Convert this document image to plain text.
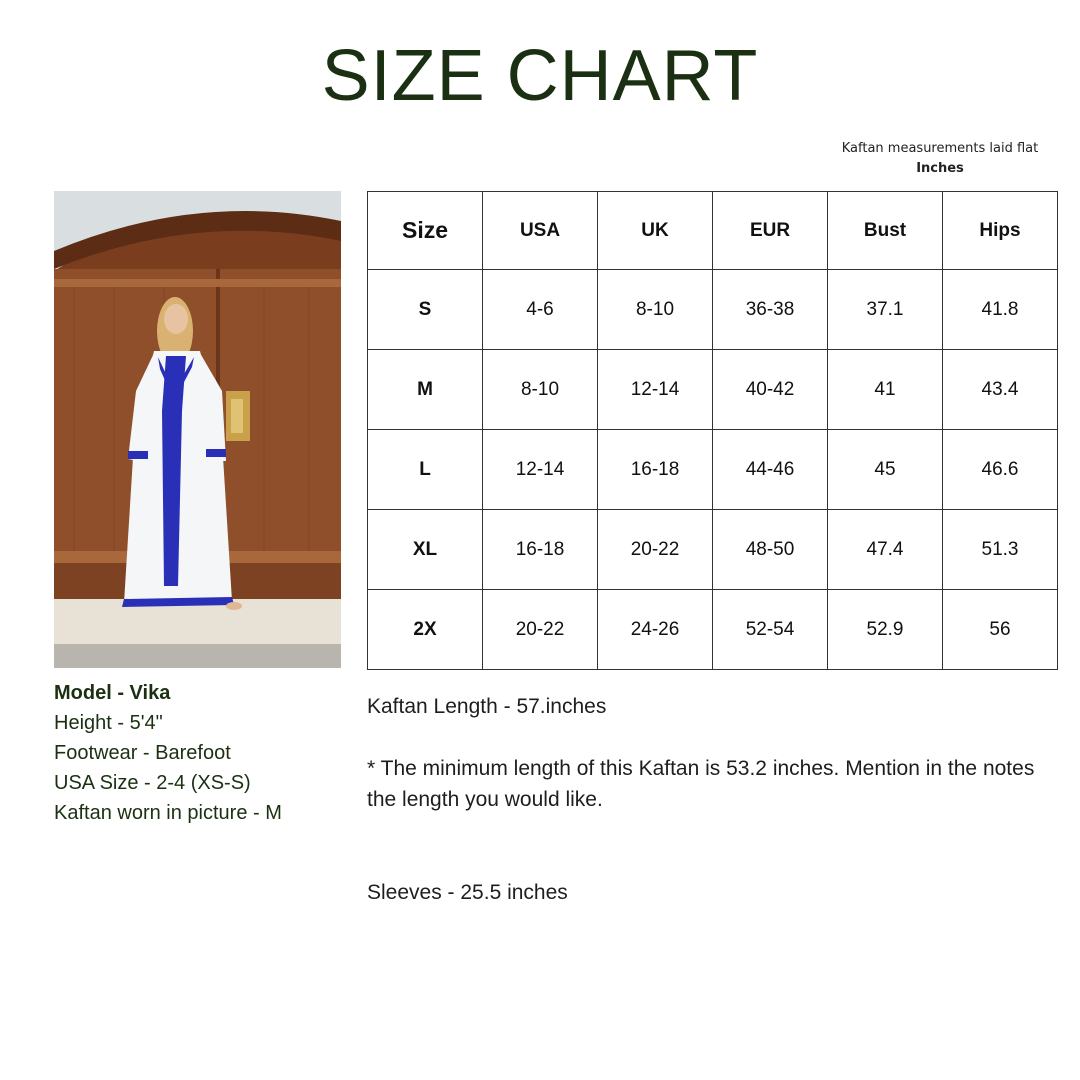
SIZE CHART
Kaftan measurements laid flat
Inches
Model - Vika
Height - 5'4"
Footwear - Barefoot
USA Size - 2-4 (XS-S)
Kaftan worn in picture - M
Size	USA	UK	EUR	Bust	Hips
S	4-6	8-10	36-38	37.1	41.8
M	8-10	12-14	40-42	41	43.4
L	12-14	16-18	44-46	45	46.6
XL	16-18	20-22	48-50	47.4	51.3
2X	20-22	24-26	52-54	52.9	56
Kaftan Length - 57.inches
* The minimum length of this Kaftan is 53.2 inches. Mention in the notes the length you would like.
Sleeves - 25.5 inches
